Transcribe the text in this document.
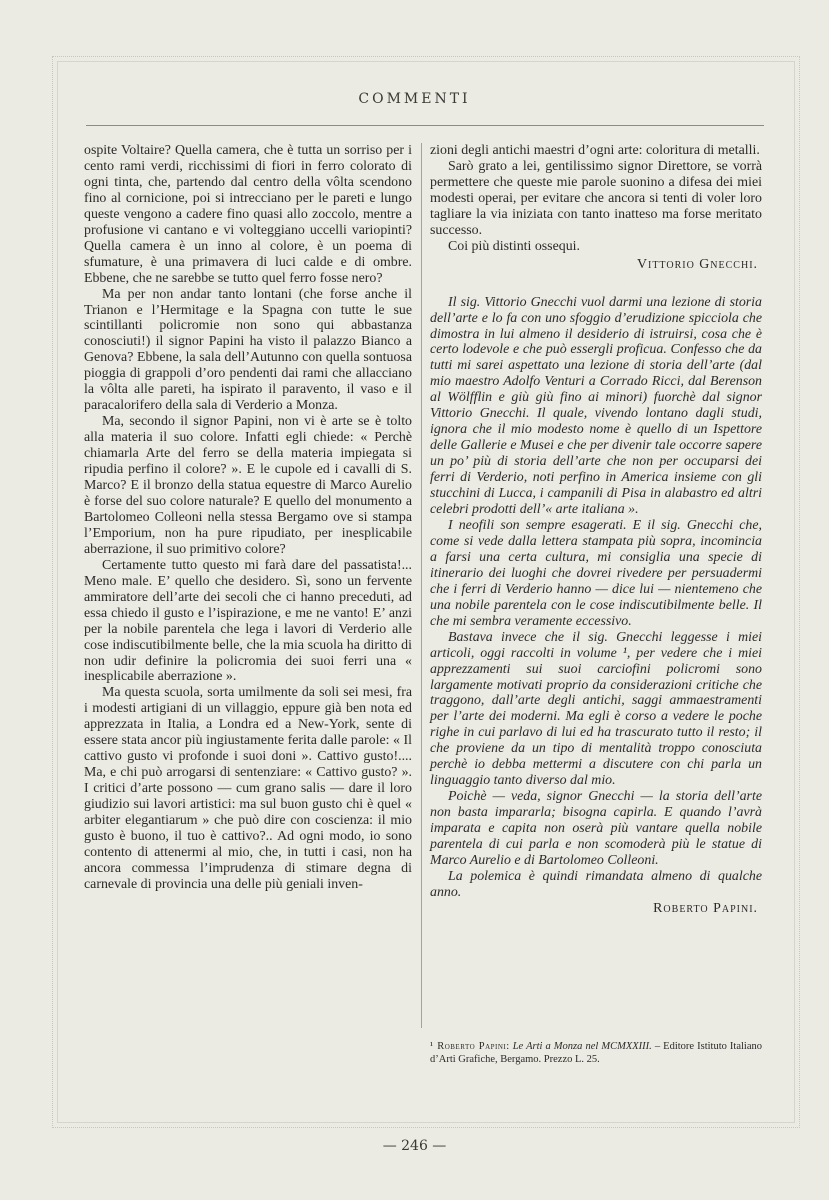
COMMENTI

ospite Voltaire? Quella camera, che è tutta un sorriso per i cento rami verdi, ricchissimi di fiori in ferro colorato di ogni tinta, che, partendo dal centro della vôlta scendono fino al cornicione, poi si intrecciano per le pareti e lungo queste vengono a cadere fino quasi allo zoccolo, mentre a profusione vi cantano e vi volteggiano uccelli variopinti? Quella camera è un inno al colore, è un poema di sfumature, è una primavera di luci calde e di ombre. Ebbene, che ne sarebbe se tutto quel ferro fosse nero?

Ma per non andar tanto lontani (che forse anche il Trianon e l’Hermitage e la Spagna con tutte le sue scintillanti policromie non sono qui abbastanza conosciuti!) il signor Papini ha visto il palazzo Bianco a Genova? Ebbene, la sala dell’Autunno con quella sontuosa pioggia di grappoli d’oro pendenti dai rami che allacciano la vôlta alle pareti, ha ispirato il paravento, il vaso e il paracalorifero della sala di Verderio a Monza.

Ma, secondo il signor Papini, non vi è arte se è tolto alla materia il suo colore. Infatti egli chiede: « Perchè chiamarla Arte del ferro se della materia impiegata si ripudia perfino il colore? ». E le cupole ed i cavalli di S. Marco? E il bronzo della statua equestre di Marco Aurelio è forse del suo colore naturale? E quello del monumento a Bartolomeo Colleoni nella stessa Bergamo ove si stampa l’Emporium, non ha pure ripudiato, per inesplicabile aberrazione, il suo primitivo colore?

Certamente tutto questo mi farà dare del passatista!... Meno male. E’ quello che desidero. Sì, sono un fervente ammiratore dell’arte dei secoli che ci hanno preceduti, ad essa chiedo il gusto e l’ispirazione, e me ne vanto! E’ anzi per la nobile parentela che lega i lavori di Verderio alle cose indiscutibilmente belle, che la mia scuola ha diritto di non udir definire la policromia dei suoi ferri una « inesplicabile aberrazione ».

Ma questa scuola, sorta umilmente da soli sei mesi, fra i modesti artigiani di un villaggio, eppure già ben nota ed apprezzata in Italia, a Londra ed a New-York, sente di essere stata ancor più ingiustamente ferita dalle parole: « Il cattivo gusto vi profonde i suoi doni ». Cattivo gusto!.... Ma, e chi può arrogarsi di sentenziare: « Cattivo gusto? ». I critici d’arte possono — cum grano salis — dare il loro giudizio sui lavori artistici: ma sul buon gusto chi è quel « arbiter elegantiarum » che può dire con coscienza: il mio gusto è buono, il tuo è cattivo?.. Ad ogni modo, io sono contento di attenermi al mio, che, in tutti i casi, non ha ancora commessa l’imprudenza di stimare degna di carnevale di provincia una delle più geniali inven-

zioni degli antichi maestri d’ogni arte: coloritura di metalli.

Sarò grato a lei, gentilissimo signor Direttore, se vorrà permettere che queste mie parole suonino a difesa dei miei modesti operai, per evitare che ancora si tenti di voler loro tagliare la via iniziata con tanto inatteso ma forse meritato successo.

Coi più distinti ossequi.

Vittorio Gnecchi.

Il sig. Vittorio Gnecchi vuol darmi una lezione di storia dell’arte e lo fa con uno sfoggio d’erudizione spicciola che dimostra in lui almeno il desiderio di istruirsi, cosa che è certo lodevole e che può essergli proficua. Confesso che da tutti mi sarei aspettato una lezione di storia dell’arte (dal mio maestro Adolfo Venturi a Corrado Ricci, dal Berenson al Wölfflin e giù giù fino ai minori) fuorchè dal signor Vittorio Gnecchi. Il quale, vivendo lontano dagli studi, ignora che il mio modesto nome è quello di un Ispettore delle Gallerie e Musei e che per divenir tale occorre sapere un po’ più di storia dell’arte che non per occuparsi dei ferri di Verderio, noti perfino in America insieme con gli stucchini di Lucca, i campanili di Pisa in alabastro ed altri celebri prodotti dell’« arte italiana ».

I neofili son sempre esagerati. E il sig. Gnecchi che, come si vede dalla lettera stampata più sopra, incomincia a farsi una certa cultura, mi consiglia una specie di itinerario dei luoghi che dovrei rivedere per persuadermi che i ferri di Verderio hanno — dice lui — nientemeno che una nobile parentela con le cose indiscutibilmente belle. Il che mi sembra veramente eccessivo.

Bastava invece che il sig. Gnecchi leggesse i miei articoli, oggi raccolti in volume ¹, per vedere che i miei apprezzamenti sui suoi carciofini policromi sono largamente motivati proprio da considerazioni critiche che traggono, dall’arte degli antichi, saggi ammaestramenti per l’arte dei moderni. Ma egli è corso a vedere le poche righe in cui parlavo di lui ed ha trascurato tutto il resto; il che proviene da un tipo di mentalità troppo conosciuta perchè io debba mettermi a discutere con chi parla un linguaggio tanto diverso dal mio.

Poichè — veda, signor Gnecchi — la storia dell’arte non basta impararla; bisogna capirla. E quando l’avrà imparata e capita non oserà più vantare quella nobile parentela di cui parla e non scomoderà più le statue di Marco Aurelio e di Bartolomeo Colleoni.

La polemica è quindi rimandata almeno di qualche anno.

Roberto Papini.
¹ Roberto Papini: Le Arti a Monza nel MCMXXIII. – Editore Istituto Italiano d’Arti Grafiche, Bergamo. Prezzo L. 25.
— 246 —
